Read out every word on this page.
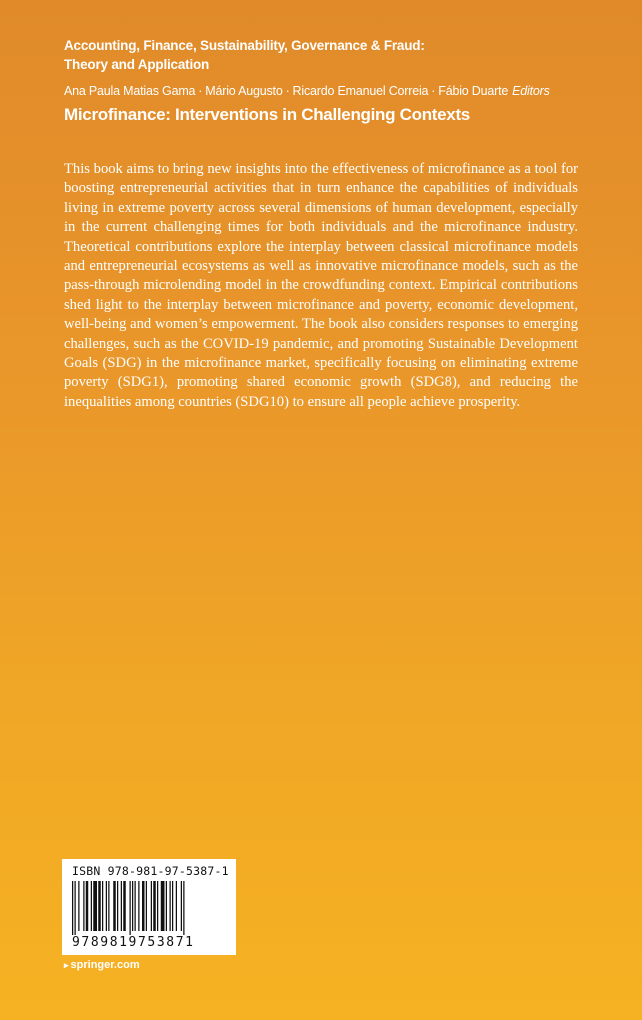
Accounting, Finance, Sustainability, Governance & Fraud:
Theory and Application
Ana Paula Matias Gama · Mário Augusto · Ricardo Emanuel Correia · Fábio Duarte Editors
Microfinance: Interventions in Challenging Contexts

This book aims to bring new insights into the effectiveness of microfinance as a tool for boosting entrepreneurial activities that in turn enhance the capabilities of individuals living in extreme poverty across several dimensions of human development, especially in the current challenging times for both individuals and the microfinance industry. Theoretical contributions explore the interplay between classical microfinance models and entrepreneurial ecosystems as well as innovative microfinance models, such as the pass-through microlending model in the crowdfunding context. Empirical contributions shed light to the interplay between microfinance and poverty, economic development, well-being and women’s empowerment. The book also considers responses to emerging challenges, such as the COVID-19 pandemic, and promoting Sustainable Development Goals (SDG) in the microfinance market, specifically focusing on eliminating extreme poverty (SDG1), promoting shared economic growth (SDG8), and reducing the inequalities among countries (SDG10) to ensure all people achieve prosperity.

ISBN 978-981-97-5387-1
9789819753871
▸ springer.com
